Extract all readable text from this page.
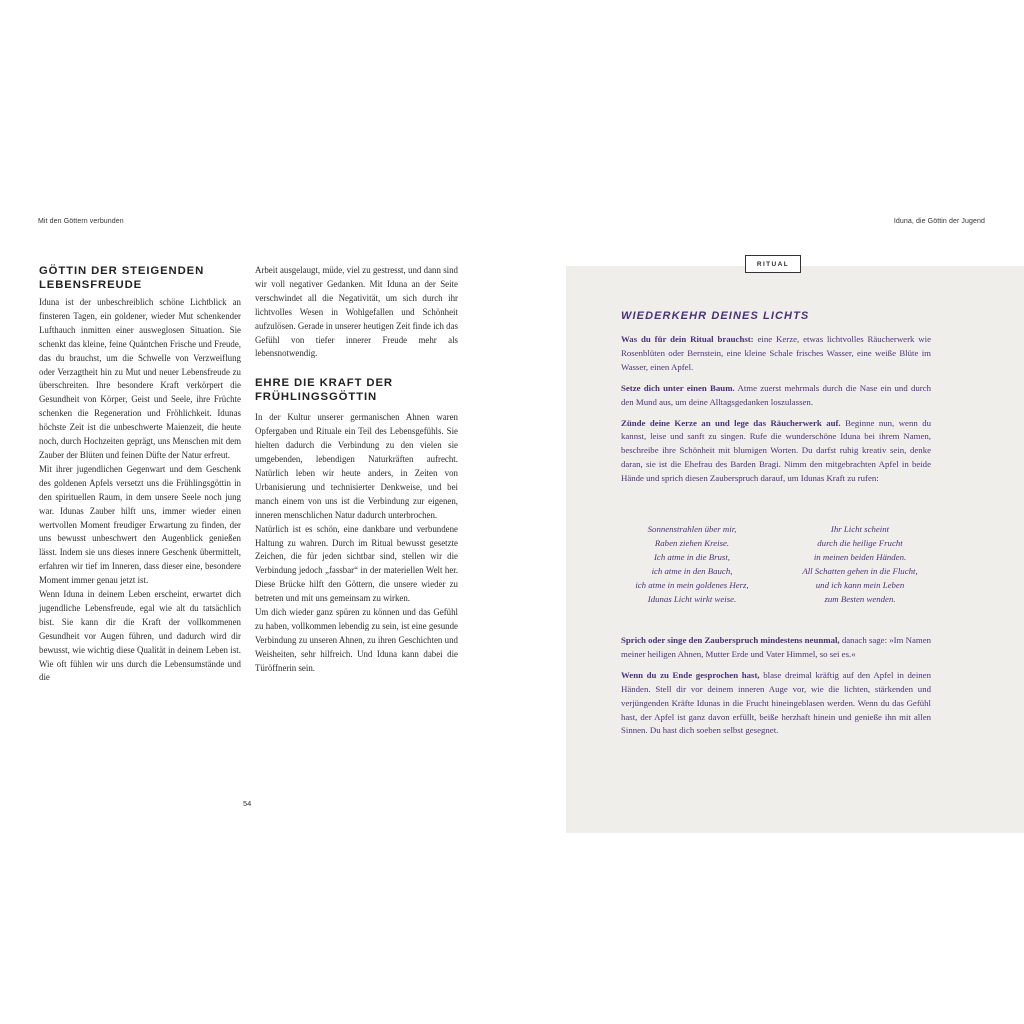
Mit den Göttern verbunden	Iduna, die Göttin der Jugend
GÖTTIN DER STEIGENDEN LEBENSFREUDE

Iduna ist der unbeschreiblich schöne Lichtblick an finsteren Tagen, ein goldener, wieder Mut schenkender Lufthauch inmitten einer ausweglosen Situation. Sie schenkt das kleine, feine Quäntchen Frische und Freude, das du brauchst, um die Schwelle von Verzweiflung oder Verzagtheit hin zu Mut und neuer Lebensfreude zu überschreiten. Ihre besondere Kraft verkörpert die Gesundheit von Körper, Geist und Seele, ihre Früchte schenken die Regeneration und Fröhlichkeit. Idunas höchste Zeit ist die unbeschwerte Maienzeit, die heute noch, durch Hochzeiten geprägt, uns Menschen mit dem Zauber der Blüten und feinen Düfte der Natur erfreut.

Mit ihrer jugendlichen Gegenwart und dem Geschenk des goldenen Apfels versetzt uns die Frühlingsgöttin in den spirituellen Raum, in dem unsere Seele noch jung war. Idunas Zauber hilft uns, immer wieder einen wertvollen Moment freudiger Erwartung zu finden, der uns bewusst unbeschwert den Augenblick genießen lässt. Indem sie uns dieses innere Geschenk übermittelt, erfahren wir tief im Inneren, dass dieser eine, besondere Moment immer genau jetzt ist.

Wenn Iduna in deinem Leben erscheint, erwartet dich jugendliche Lebensfreude, egal wie alt du tatsächlich bist. Sie kann dir die Kraft der vollkommenen Gesundheit vor Augen führen, und dadurch wird dir bewusst, wie wichtig diese Qualität in deinem Leben ist. Wie oft fühlen wir uns durch die Lebensumstände und die

Arbeit ausgelaugt, müde, viel zu gestresst, und dann sind wir voll negativer Gedanken. Mit Iduna an der Seite verschwindet all die Negativität, um sich durch ihr lichtvolles Wesen in Wohlgefallen und Schönheit aufzulösen. Gerade in unserer heutigen Zeit finde ich das Gefühl von tiefer innerer Freude mehr als lebensnotwendig.

EHRE DIE KRAFT DER FRÜHLINGSGÖTTIN

In der Kultur unserer germanischen Ahnen waren Opfergaben und Rituale ein Teil des Lebensgefühls. Sie hielten dadurch die Verbindung zu den vielen sie umgebenden, lebendigen Naturkräften aufrecht. Natürlich leben wir heute anders, in Zeiten von Urbanisierung und technisierter Denkweise, und bei manch einem von uns ist die Verbindung zur eigenen, inneren menschlichen Natur dadurch unterbrochen.

Natürlich ist es schön, eine dankbare und verbundene Haltung zu wahren. Durch im Ritual bewusst gesetzte Zeichen, die für jeden sichtbar sind, stellen wir die Verbindung jedoch „fassbar“ in der materiellen Welt her. Diese Brücke hilft den Göttern, die unsere wieder zu betreten und mit uns gemeinsam zu wirken.

Um dich wieder ganz spüren zu können und das Gefühl zu haben, vollkommen lebendig zu sein, ist eine gesunde Verbindung zu unseren Ahnen, zu ihren Geschichten und Weisheiten, sehr hilfreich. Und Iduna kann dabei die Türöffnerin sein.

54
RITUAL
WIEDERKEHR DEINES LICHTS

Was du für dein Ritual brauchst: eine Kerze, etwas lichtvolles Räucherwerk wie Rosenblüten oder Bernstein, eine kleine Schale frisches Wasser, eine weiße Blüte im Wasser, einen Apfel.

Setze dich unter einen Baum. Atme zuerst mehrmals durch die Nase ein und durch den Mund aus, um deine Alltagsgedanken loszulassen.

Zünde deine Kerze an und lege das Räucherwerk auf. Beginne nun, wenn du kannst, leise und sanft zu singen. Rufe die wunderschöne Iduna bei ihrem Namen, beschreibe ihre Schönheit mit blumigen Worten. Du darfst ruhig kreativ sein, denke daran, sie ist die Ehefrau des Barden Bragi. Nimm den mitgebrachten Apfel in beide Hände und sprich diesen Zauberspruch darauf, um Idunas Kraft zu rufen:

Sonnenstrahlen über mir,
Raben ziehen Kreise.
Ich atme in die Brust,
ich atme in den Bauch,
ich atme in mein goldenes Herz,
Idunas Licht wirkt weise.
Ihr Licht scheint
durch die heilige Frucht
in meinen beiden Händen.
All Schatten gehen in die Flucht,
und ich kann mein Leben
zum Besten wenden.

Sprich oder singe den Zauberspruch mindestens neunmal, danach sage: »Im Namen meiner heiligen Ahnen, Mutter Erde und Vater Himmel, so sei es.«

Wenn du zu Ende gesprochen hast, blase dreimal kräftig auf den Apfel in deinen Händen. Stell dir vor deinem inneren Auge vor, wie die lichten, stärkenden und verjüngenden Kräfte Idunas in die Frucht hineingeblasen werden. Wenn du das Gefühl hast, der Apfel ist ganz davon erfüllt, beiße herzhaft hinein und genieße ihn mit allen Sinnen. Du hast dich soeben selbst gesegnet.
